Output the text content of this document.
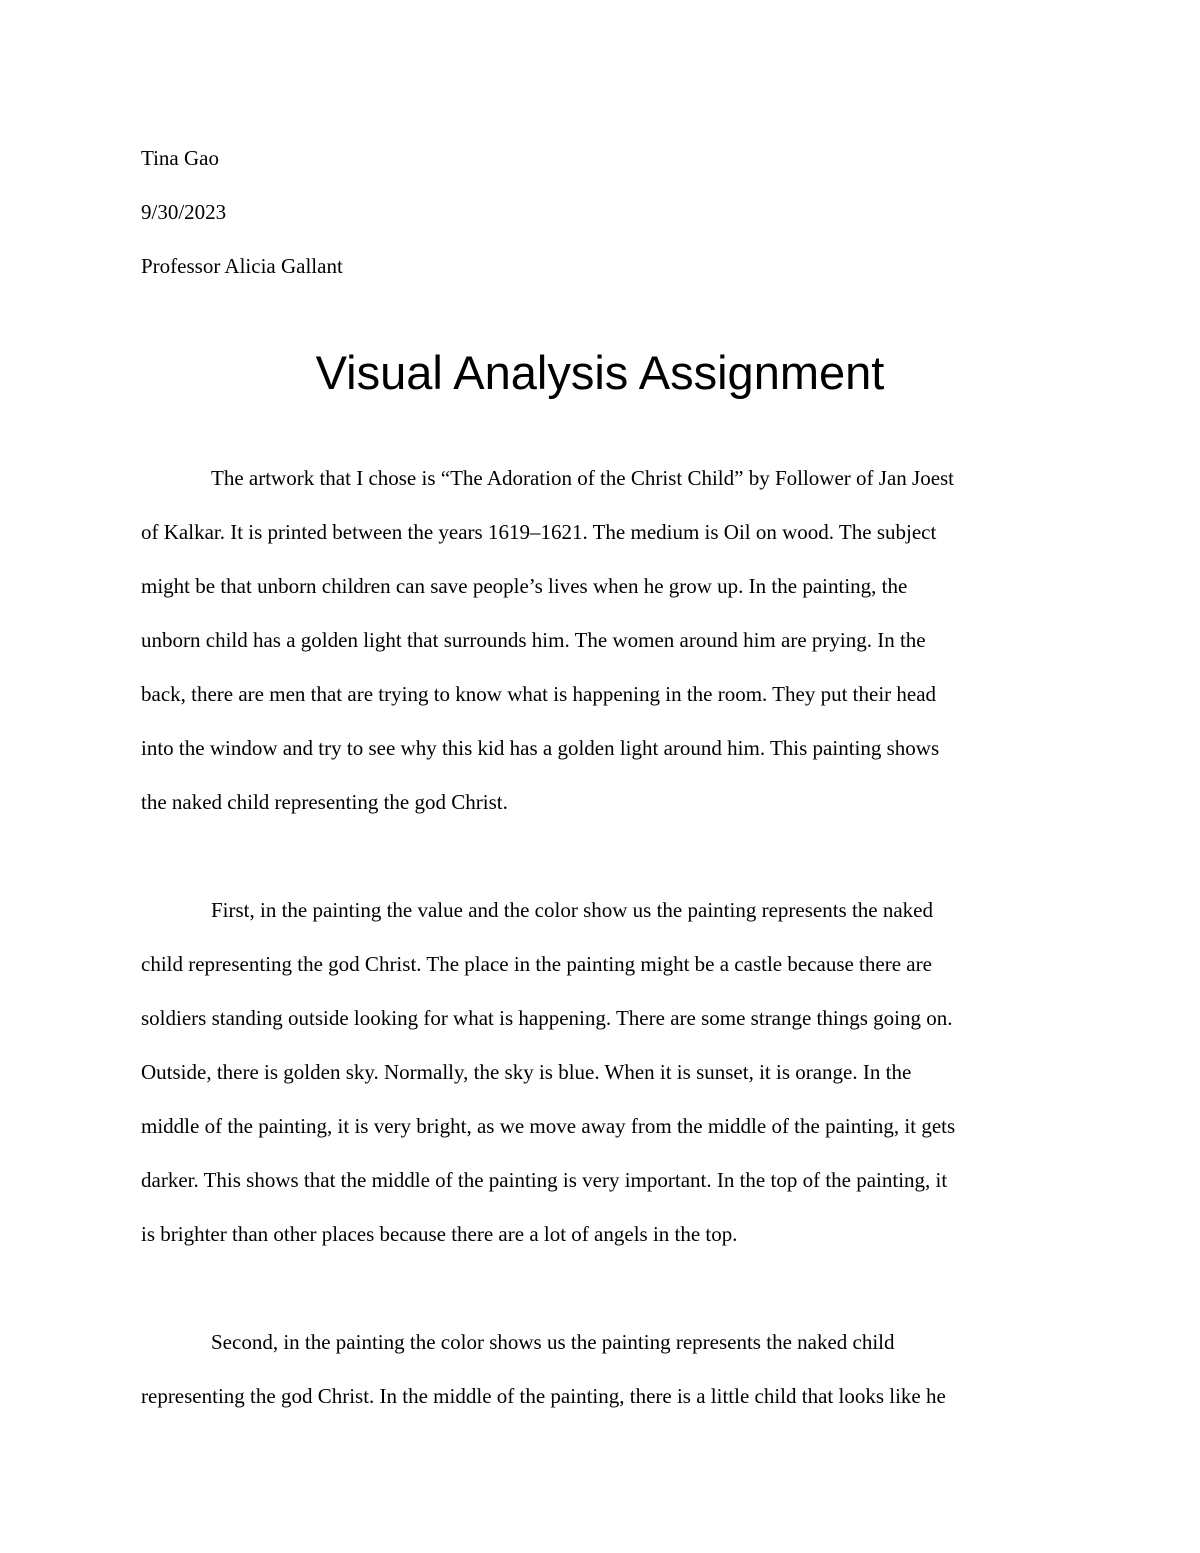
Tina Gao
9/30/2023
Professor Alicia Gallant
Visual Analysis Assignment
The artwork that I chose is “The Adoration of the Christ Child” by Follower of Jan Joest
of Kalkar. It is printed between the years 1619–1621. The medium is Oil on wood. The subject
might be that unborn children can save people’s lives when he grow up. In the painting, the
unborn child has a golden light that surrounds him. The women around him are prying. In the
back, there are men that are trying to know what is happening in the room. They put their head
into the window and try to see why this kid has a golden light around him. This painting shows
the naked child representing the god Christ.
First, in the painting the value and the color show us the painting represents the naked
child representing the god Christ. The place in the painting might be a castle because there are
soldiers standing outside looking for what is happening. There are some strange things going on.
Outside, there is golden sky. Normally, the sky is blue. When it is sunset, it is orange. In the
middle of the painting, it is very bright, as we move away from the middle of the painting, it gets
darker. This shows that the middle of the painting is very important. In the top of the painting, it
is brighter than other places because there are a lot of angels in the top.
Second, in the painting the color shows us the painting represents the naked child
representing the god Christ. In the middle of the painting, there is a little child that looks like he
